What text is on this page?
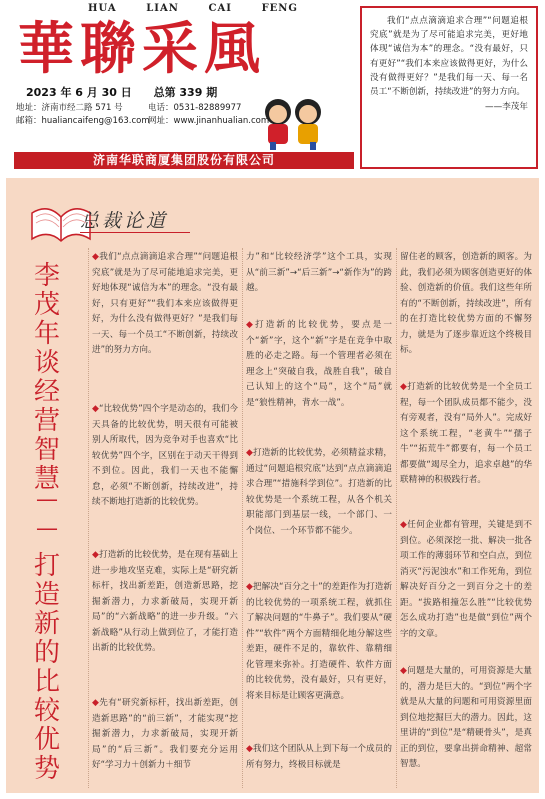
HUA	LIAN	CAI	FENG
華聯采風
2023 年 6 月 30 日 总第 339 期
地址：济南市经二路 571 号	电话：0531-82889977
邮箱：hualiancaifeng@163.com
网址：www.jinanhualian.com
济南华联商厦集团股份有限公司
我们“点点滴滴追求合理”“问题追根究底”就是为了尽可能追求完美，更好地体现“诚信为本”的理念。“没有最好，只有更好”“我们本来应该做得更好，为什么没有做得更好？”是我们每一天、每一名员工“不断创新，持续改进”的努力方向。
——李茂年
总裁论道
李
茂
年
谈
经
营
智
慧
—
—
打
造
新
的
比
较
优
势
◆我们“点点滴滴追求合理”“问题追根究底”就是为了尽可能地追求完美，更好地体现“诚信为本”的理念。“没有最好，只有更好”“我们本来应该做得更好，为什么没有做得更好？”是我们每一天、每一个员工“不断创新，持续改进”的努力方向。
◆“比较优势”四个字是动态的，我们今天具备的比较优势，明天很有可能被别人所取代，因为竞争对手也喜欢“比较优势”四个字，区别在于动天干得到不到位。因此，我们一天也不能懈怠，必须“不断创新，持续改进”，持续不断地打造新的比较优势。
◆打造新的比较优势，是在现有基础上进一步地攻坚克难，实际上是“研究新标杆，找出新差距，创造新思路，挖掘新潜力，力求新破局，实现开新局”的“六新战略”的进一步升级。“六新战略”从行动上做到位了，才能打造出新的比较优势。
◆先有“研究新标杆，找出新差距，创造新思路”的“前三新”，才能实现“挖掘新潜力，力求新破局，实现开新局”的“后三新”。我们要充分运用好“学习力＋创新力＋细节
力”和“比较经济学”这个工具，实现从“前三新”→“后三新”→“新作为”的跨越。
◆打造新的比较优势，要点是一个“新”字，这个“新”字是在竞争中取胜的必走之路。每一个管理者必须在理念上“突破自我，战胜自我”，破自己认知上的这个“局”，这个“局”就是“狼性精神，背水一战”。
◆打造新的比较优势，必须精益求精，通过“问题追根究底”达到“点点滴滴追求合理”“措施科学到位”。打造新的比较优势是一个系统工程，从各个机关职能部门到基层一线，一个部门、一个岗位、一个环节都不能少。
◆把解决“百分之十”的差距作为打造新的比较优势的一项系统工程，就抓住了解决问题的“牛鼻子”。我们要从“硬件”“软件”两个方面精细化地分解这些差距，硬件不足的，靠软件、靠精细化管理来弥补。打造硬件、软件方面的比较优势，没有最好，只有更好，将来目标是让顾客更满意。
◆我们这个团队从上到下每一个成员的所有努力，终极目标就是
留住老的顾客，创造新的顾客。为此，我们必须为顾客创造更好的体验、创造新的价值。我们这些年所有的“不断创新，持续改进”，所有的在打造比较优势方面的不懈努力，就是为了逐步靠近这个终极目标。
◆打造新的比较优势是一个全员工程，每一个团队成员都不能少，没有旁观者，没有“局外人”。完成好这个系统工程，“老黄牛”“孺子牛”“拓荒牛”都要有，每一个员工都要做“竭尽全力，追求卓越”的华联精神的积极践行者。
◆任何企业都有管理，关键是到不到位。必须深挖一批、解决一批各项工作的薄弱环节和空白点，到位消灭“污泥浊水”和工作死角，到位解决好百分之一到百分之十的差距。“拔路相撞怎么胜”“比较优势怎么成功打造”也是做“到位”两个字的文章。
◆问题是大量的，可用资源是大量的，潜力是巨大的。“到位”两个字就是从大量的问题和可用资源里面到位地挖掘巨大的潜力。因此，这里讲的“到位”是“精硬骨头”，是真正的到位，要拿出拼命精神、超常智慧。
